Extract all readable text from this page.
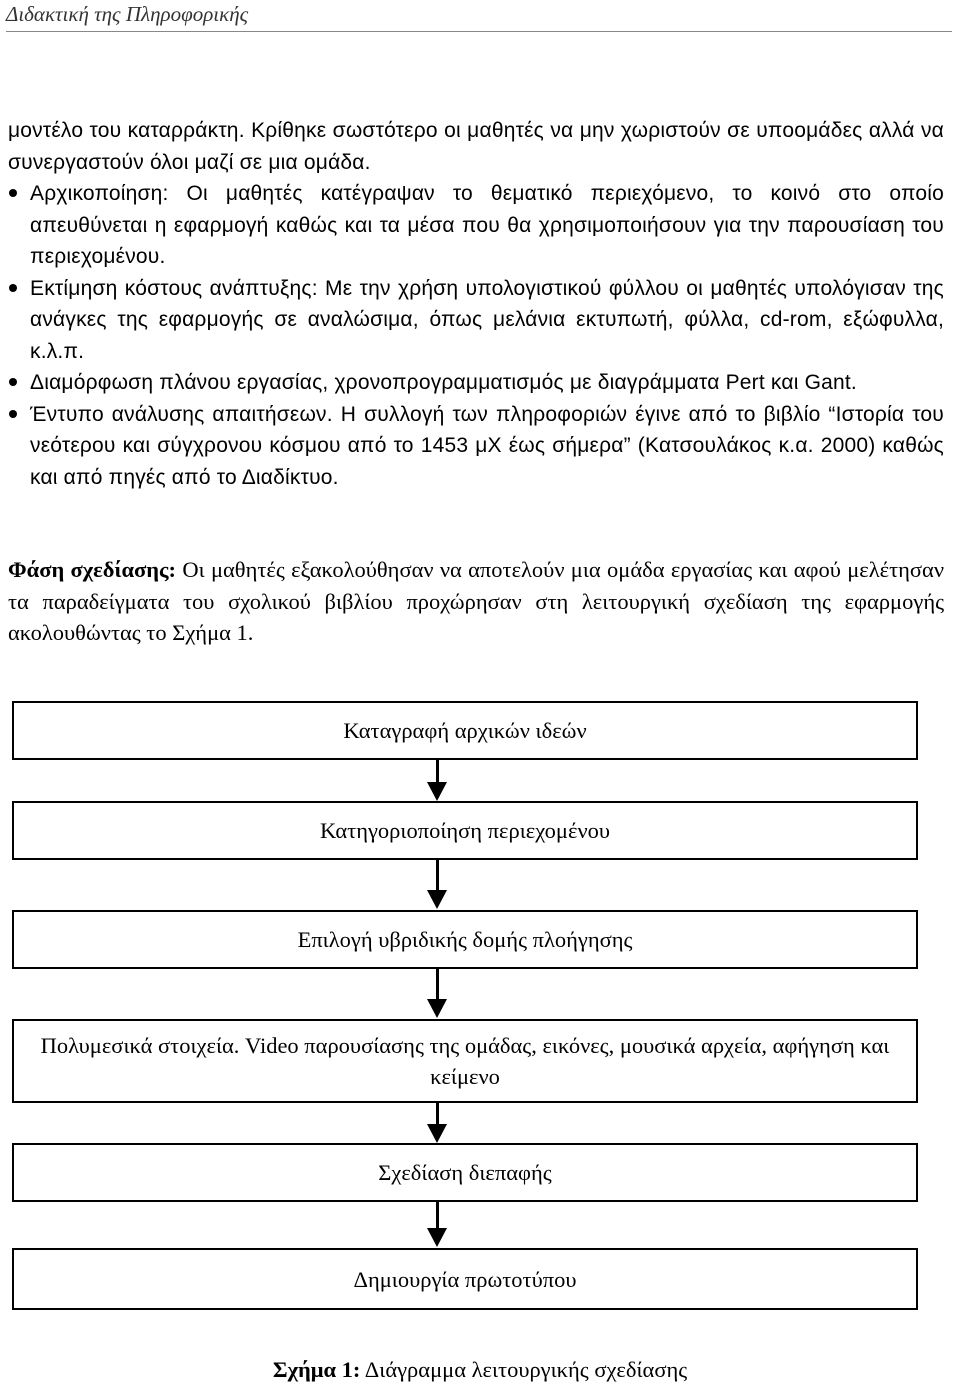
Διδακτική της Πληροφορικής
μοντέλο του καταρράκτη. Κρίθηκε σωστότερο οι μαθητές να μην χωριστούν σε υποομάδες αλλά να συνεργαστούν όλοι μαζί σε μια ομάδα.
Αρχικοποίηση: Οι μαθητές κατέγραψαν το θεματικό περιεχόμενο, το κοινό στο οποίο απευθύνεται η εφαρμογή καθώς και τα μέσα που θα χρησιμοποιήσουν για την παρουσίαση του περιεχομένου.
Εκτίμηση κόστους ανάπτυξης: Με την χρήση υπολογιστικού φύλλου οι μαθητές υπολόγισαν της ανάγκες της εφαρμογής σε αναλώσιμα, όπως μελάνια εκτυπωτή, φύλλα, cd-rom, εξώφυλλα, κ.λ.π.
Διαμόρφωση πλάνου εργασίας, χρονοπρογραμματισμός με διαγράμματα Pert και Gant.
Έντυπο ανάλυσης απαιτήσεων. Η συλλογή των πληροφοριών έγινε από το βιβλίο “Ιστορία του νεότερου και σύγχρονου κόσμου από το 1453 μΧ έως σήμερα” (Κατσουλάκος κ.α. 2000) καθώς και από πηγές από το Διαδίκτυο.
Φάση σχεδίασης: Οι μαθητές εξακολούθησαν να αποτελούν μια ομάδα εργασίας και αφού μελέτησαν τα παραδείγματα του σχολικού βιβλίου προχώρησαν στη λειτουργική σχεδίαση της εφαρμογής ακολουθώντας το Σχήμα 1.
Καταγραφή αρχικών ιδεών
Κατηγοριοποίηση περιεχομένου
Επιλογή υβριδικής δομής πλοήγησης
Πολυμεσικά στοιχεία. Video παρουσίασης της ομάδας, εικόνες, μουσικά αρχεία, αφήγηση και κείμενο
Σχεδίαση διεπαφής
Δημιουργία πρωτοτύπου
Σχήμα 1: Διάγραμμα λειτουργικής σχεδίασης
